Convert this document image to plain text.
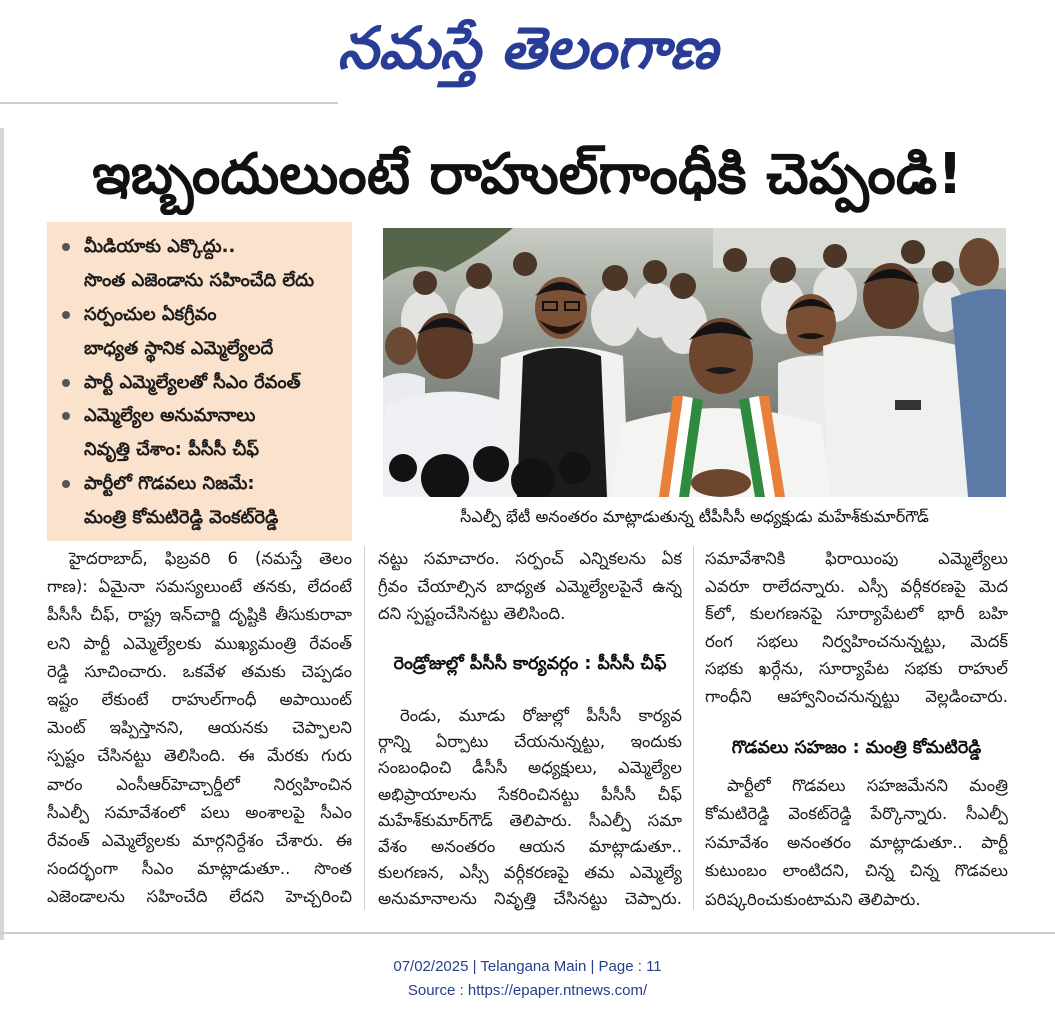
నమస్తే తెలంగాణ
ఇబ్బందులుంటే రాహుల్‌గాంధీకి చెప్పండి!
మీడియాకు ఎక్కొద్దు..
సొంత ఎజెండాను సహించేది లేదు
సర్పంచుల ఏకగ్రీవం
బాధ్యత స్థానిక ఎమ్మెల్యేలదే
పార్టీ ఎమ్మెల్యేలతో సీఎం రేవంత్
ఎమ్మెల్యేల అనుమానాలు
నివృత్తి చేశాం: పీసీసీ చీఫ్
పార్టీలో గొడవలు నిజమే:
మంత్రి కోమటిరెడ్డి వెంకట్‌రెడ్డి	సీఎల్పీ భేటీ అనంతరం మాట్లాడుతున్న టీపీసీసీ అధ్యక్షుడు మహేశ్‌కుమార్‌గౌడ్
హైదరాబాద్, ఫిబ్రవరి 6 (నమస్తే తెలం
గాణ): ఏమైనా సమస్యలుంటే తనకు, లేదంటే
పీసీసీ చీఫ్, రాష్ట్ర ఇన్‌చార్జి దృష్టికి తీసుకురావా
లని పార్టీ ఎమ్మెల్యేలకు ముఖ్యమంత్రి రేవంత్
రెడ్డి సూచించారు. ఒకవేళ తమకు చెప్పడం
ఇష్టం లేకుంటే రాహుల్‌గాంధీ అపాయింట్
మెంట్ ఇప్పిస్తానని, ఆయనకు చెప్పాలని
స్పష్టం చేసినట్టు తెలిసింది. ఈ మేరకు గురు
వారం ఎంసీఆర్‌హెచ్చార్డీలో నిర్వహించిన
సీఎల్పీ సమావేశంలో పలు అంశాలపై సీఎం
రేవంత్ ఎమ్మెల్యేలకు మార్గనిర్దేశం చేశారు. ఈ
సందర్భంగా సీఎం మాట్లాడుతూ.. సొంత
ఎజెండాలను సహించేది లేదని హెచ్చరించి
నట్టు సమాచారం. సర్పంచ్ ఎన్నికలను ఏక
గ్రీవం చేయాల్సిన బాధ్యత ఎమ్మెల్యేలపైనే ఉన్న
దని స్పష్టంచేసినట్టు తెలిసింది.
రెండ్రోజుల్లో పీసీసీ కార్యవర్గం : పీసీసీ చీఫ్
రెండు, మూడు రోజుల్లో పీసీసీ కార్యవ
ర్గాన్ని ఏర్పాటు చేయనున్నట్టు, ఇందుకు
సంబంధించి డీసీసీ అధ్యక్షులు, ఎమ్మెల్యేల
అభిప్రాయాలను సేకరించినట్టు పీసీసీ చీఫ్
మహేశ్‌కుమార్‌గౌడ్ తెలిపారు. సీఎల్పీ సమా
వేశం అనంతరం ఆయన మాట్లాడుతూ..
కులగణన, ఎస్సీ వర్గీకరణపై తమ ఎమ్మెల్యే
అనుమానాలను నివృత్తి చేసినట్టు చెప్పారు.
సమావేశానికి ఫిరాయింపు ఎమ్మెల్యేలు
ఎవరూ రాలేదన్నారు. ఎస్సీ వర్గీకరణపై మెద
క్‌లో, కులగణనపై సూర్యాపేటలో భారీ బహి
రంగ సభలు నిర్వహించనున్నట్టు, మెదక్
సభకు ఖర్గేను, సూర్యాపేట సభకు రాహుల్
గాంధీని ఆహ్వానించనున్నట్టు వెల్లడించారు.
గొడవలు సహజం : మంత్రి కోమటిరెడ్డి
పార్టీలో గొడవలు సహజమేనని మంత్రి
కోమటిరెడ్డి వెంకట్‌రెడ్డి పేర్కొన్నారు. సీఎల్పీ
సమావేశం అనంతరం మాట్లాడుతూ.. పార్టీ
కుటుంబం లాంటిదని, చిన్న చిన్న గొడవలు
పరిష్కరించుకుంటామని తెలిపారు.
07/02/2025 | Telangana Main | Page : 11
Source : https://epaper.ntnews.com/
